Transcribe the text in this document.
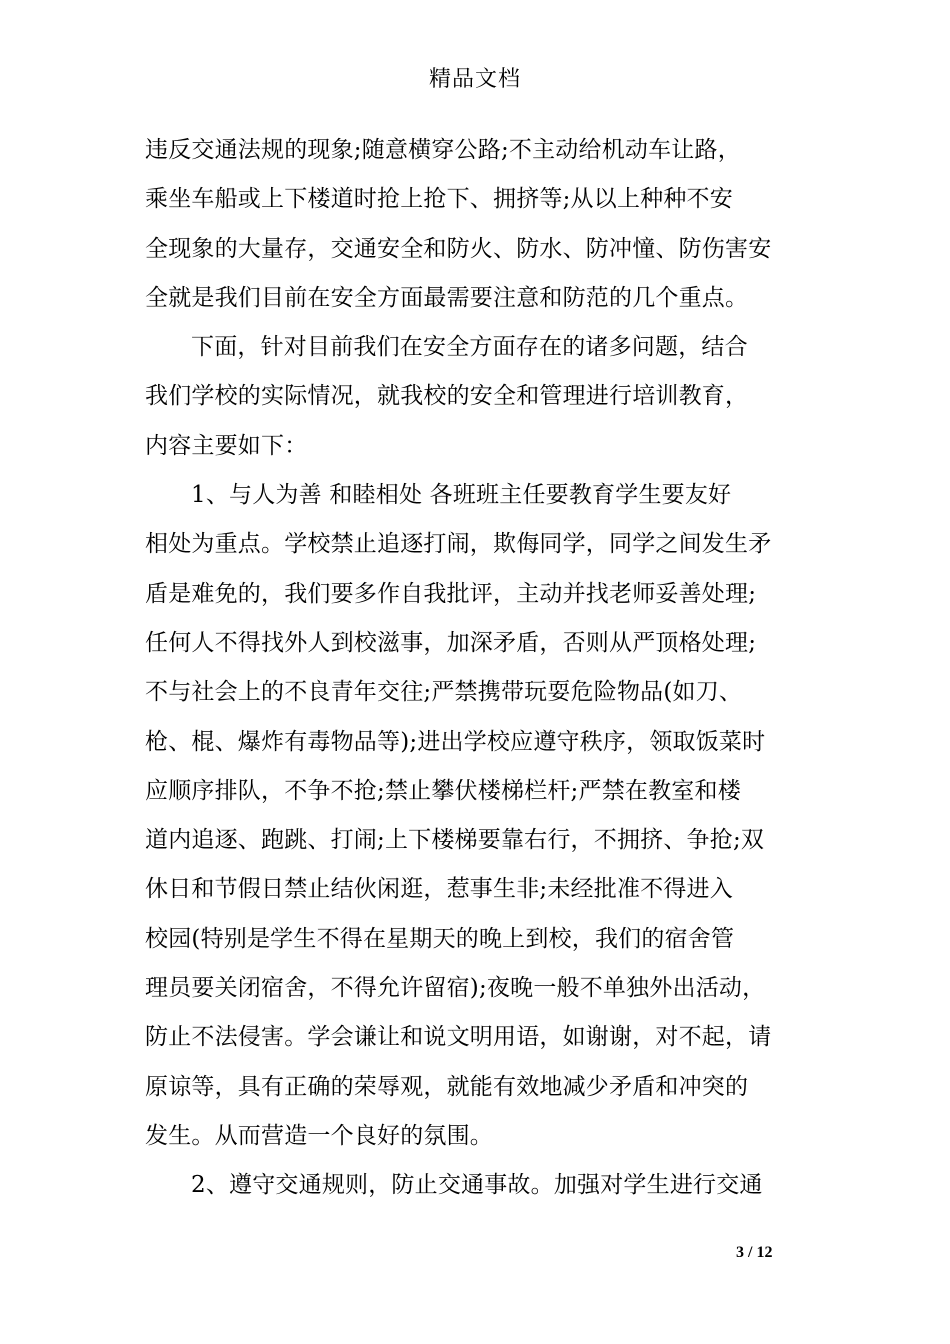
精品文档
违反交通法规的现象;随意横穿公路;不主动给机动车让路，
乘坐车船或上下楼道时抢上抢下、拥挤等;从以上种种不安
全现象的大量存，交通安全和防火、防水、防冲憧、防伤害安
全就是我们目前在安全方面最需要注意和防范的几个重点。
下面，针对目前我们在安全方面存在的诸多问题，结合
我们学校的实际情况，就我校的安全和管理进行培训教育，
内容主要如下：
1、与人为善 和睦相处 各班班主任要教育学生要友好
相处为重点。学校禁止追逐打闹，欺侮同学，同学之间发生矛
盾是难免的，我们要多作自我批评，主动并找老师妥善处理;
任何人不得找外人到校滋事，加深矛盾，否则从严顶格处理;
不与社会上的不良青年交往;严禁携带玩耍危险物品(如刀、
枪、棍、爆炸有毒物品等);进出学校应遵守秩序，领取饭菜时
应顺序排队，不争不抢;禁止攀伏楼梯栏杆;严禁在教室和楼
道内追逐、跑跳、打闹;上下楼梯要靠右行，不拥挤、争抢;双
休日和节假日禁止结伙闲逛，惹事生非;未经批准不得进入
校园(特别是学生不得在星期天的晚上到校，我们的宿舍管
理员要关闭宿舍，不得允许留宿);夜晚一般不单独外出活动，
防止不法侵害。学会谦让和说文明用语，如谢谢，对不起，请
原谅等，具有正确的荣辱观，就能有效地减少矛盾和冲突的
发生。从而营造一个良好的氛围。
2、遵守交通规则，防止交通事故。加强对学生进行交通
3 / 12
